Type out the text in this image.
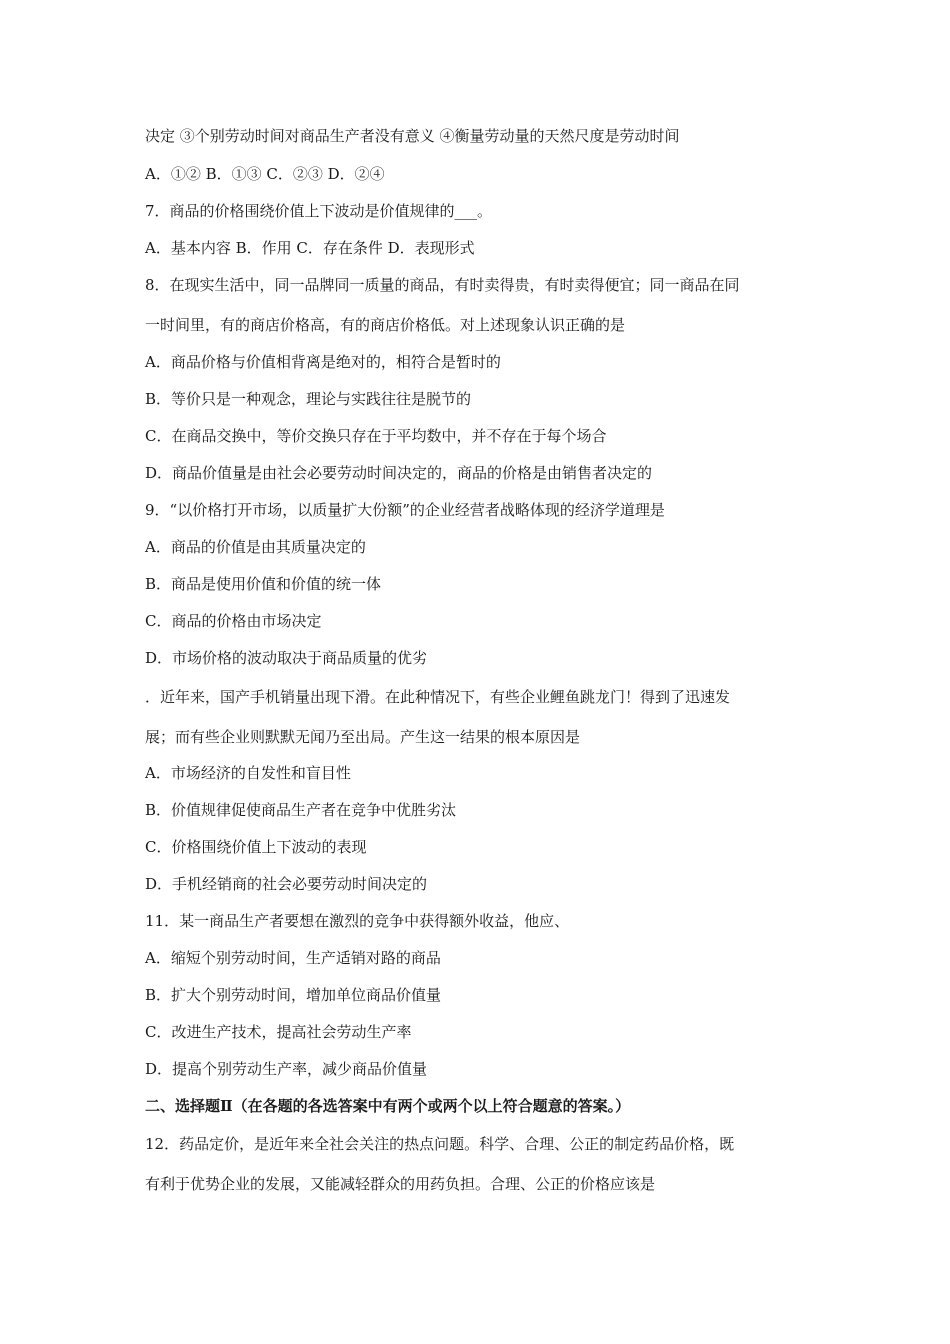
决定 ③个别劳动时间对商品生产者没有意义 ④衡量劳动量的天然尺度是劳动时间

A．①② B．①③ C．②③ D．②④

7．商品的价格围绕价值上下波动是价值规律的___。

A．基本内容 B．作用 C．存在条件 D．表现形式

8．在现实生活中，同一品牌同一质量的商品，有时卖得贵，有时卖得便宜；同一商品在同

一时间里，有的商店价格高，有的商店价格低。对上述现象认识正确的是

A．商品价格与价值相背离是绝对的，相符合是暂时的

B．等价只是一种观念，理论与实践往往是脱节的

C．在商品交换中，等价交换只存在于平均数中，并不存在于每个场合

D．商品价值量是由社会必要劳动时间决定的，商品的价格是由销售者决定的

9．“以价格打开市场，以质量扩大份额”的企业经营者战略体现的经济学道理是

A．商品的价值是由其质量决定的

B．商品是使用价值和价值的统一体

C．商品的价格由市场决定

D．市场价格的波动取决于商品质量的优劣

．近年来，国产手机销量出现下滑。在此种情况下，有些企业鲤鱼跳龙门！得到了迅速发

展；而有些企业则默默无闻乃至出局。产生这一结果的根本原因是

A．市场经济的自发性和盲目性

B．价值规律促使商品生产者在竞争中优胜劣汰

C．价格围绕价值上下波动的表现

D．手机经销商的社会必要劳动时间决定的

11．某一商品生产者要想在激烈的竞争中获得额外收益，他应、

A．缩短个别劳动时间，生产适销对路的商品

B．扩大个别劳动时间，增加单位商品价值量

C．改进生产技术，提高社会劳动生产率

D．提高个别劳动生产率，减少商品价值量

二、选择题Ⅱ（在各题的各选答案中有两个或两个以上符合题意的答案。）

12．药品定价，是近年来全社会关注的热点问题。科学、合理、公正的制定药品价格，既

有利于优势企业的发展，又能减轻群众的用药负担。合理、公正的价格应该是
